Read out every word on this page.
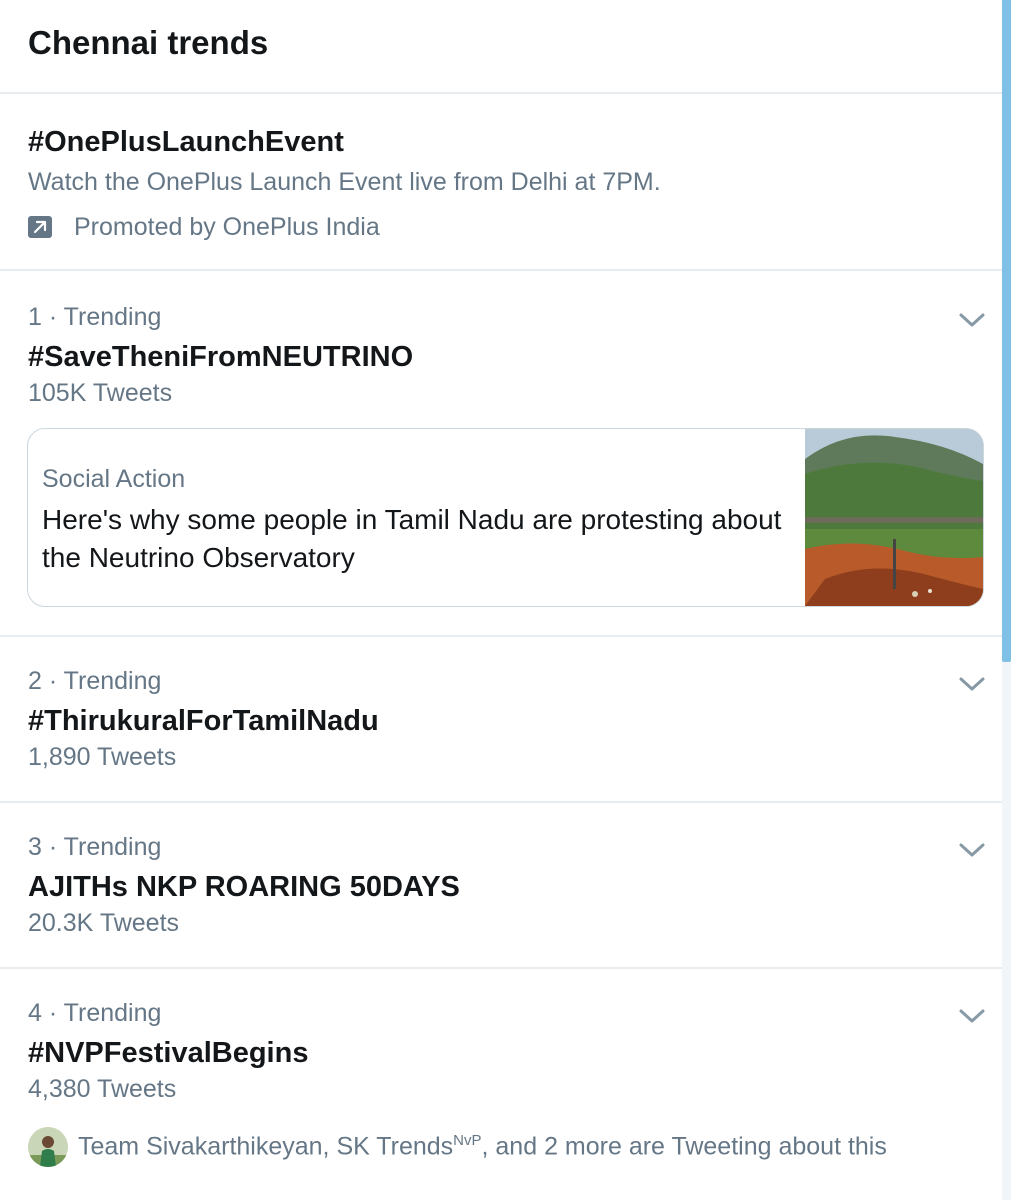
Chennai trends
#OnePlusLaunchEvent
Watch the OnePlus Launch Event live from Delhi at 7PM.
Promoted by OnePlus India
1 · Trending
#SaveTheniFromNEUTRINO
105K Tweets
Social Action
Here's why some people in Tamil Nadu are protesting about the Neutrino Observatory
2 · Trending
#ThirukuralForTamilNadu
1,890 Tweets
3 · Trending
AJITHs NKP ROARING 50DAYS
20.3K Tweets
4 · Trending
#NVPFestivalBegins
4,380 Tweets
Team Sivakarthikeyan, SK Trends$^{NvP}$, and 2 more are Tweeting about this
